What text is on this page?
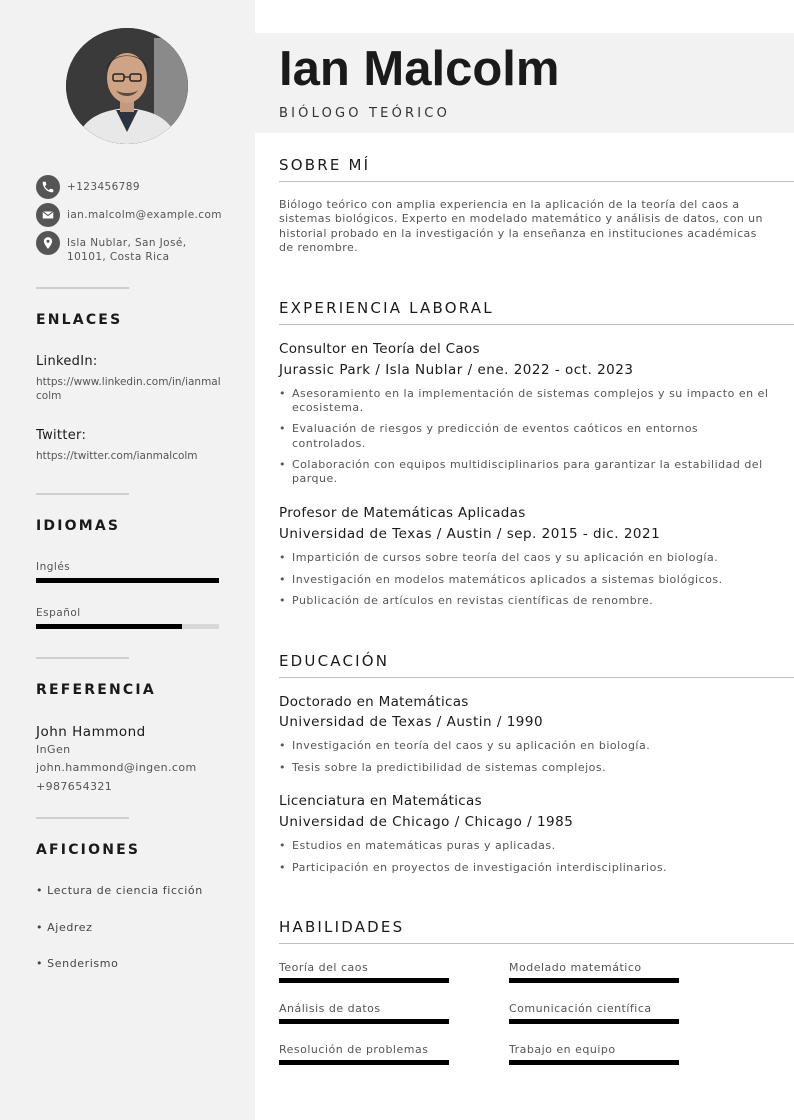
+123456789
ian.malcolm@example.com
Isla Nublar, San José,
10101, Costa Rica
ENLACES
LinkedIn:
https://www.linkedin.com/in/ianmalcolm
Twitter:
https://twitter.com/ianmalcolm
IDIOMAS
Inglés
Español
REFERENCIA
John Hammond
InGen
john.hammond@ingen.com
+987654321
AFICIONES
• Lectura de ciencia ficción
• Ajedrez
• Senderismo
Ian Malcolm
BIÓLOGO TEÓRICO
SOBRE MÍ

Biólogo teórico con amplia experiencia en la aplicación de la teoría del caos a sistemas biológicos. Experto en modelado matemático y análisis de datos, con un historial probado en la investigación y la enseñanza en instituciones académicas de renombre.

EXPERIENCIA LABORAL
Consultor en Teoría del Caos
Jurassic Park / Isla Nublar / ene. 2022 - oct. 2023
• Asesoramiento en la implementación de sistemas complejos y su impacto en el ecosistema.
• Evaluación de riesgos y predicción de eventos caóticos en entornos controlados.
• Colaboración con equipos multidisciplinarios para garantizar la estabilidad del parque.
Profesor de Matemáticas Aplicadas
Universidad de Texas / Austin / sep. 2015 - dic. 2021
• Impartición de cursos sobre teoría del caos y su aplicación en biología.
• Investigación en modelos matemáticos aplicados a sistemas biológicos.
• Publicación de artículos en revistas científicas de renombre.
EDUCACIÓN
Doctorado en Matemáticas
Universidad de Texas / Austin / 1990
• Investigación en teoría del caos y su aplicación en biología.
• Tesis sobre la predictibilidad de sistemas complejos.
Licenciatura en Matemáticas
Universidad de Chicago / Chicago / 1985
• Estudios en matemáticas puras y aplicadas.
• Participación en proyectos de investigación interdisciplinarios.
HABILIDADES
Teoría del caos	Modelado matemático
Análisis de datos	Comunicación científica
Resolución de problemas	Trabajo en equipo
